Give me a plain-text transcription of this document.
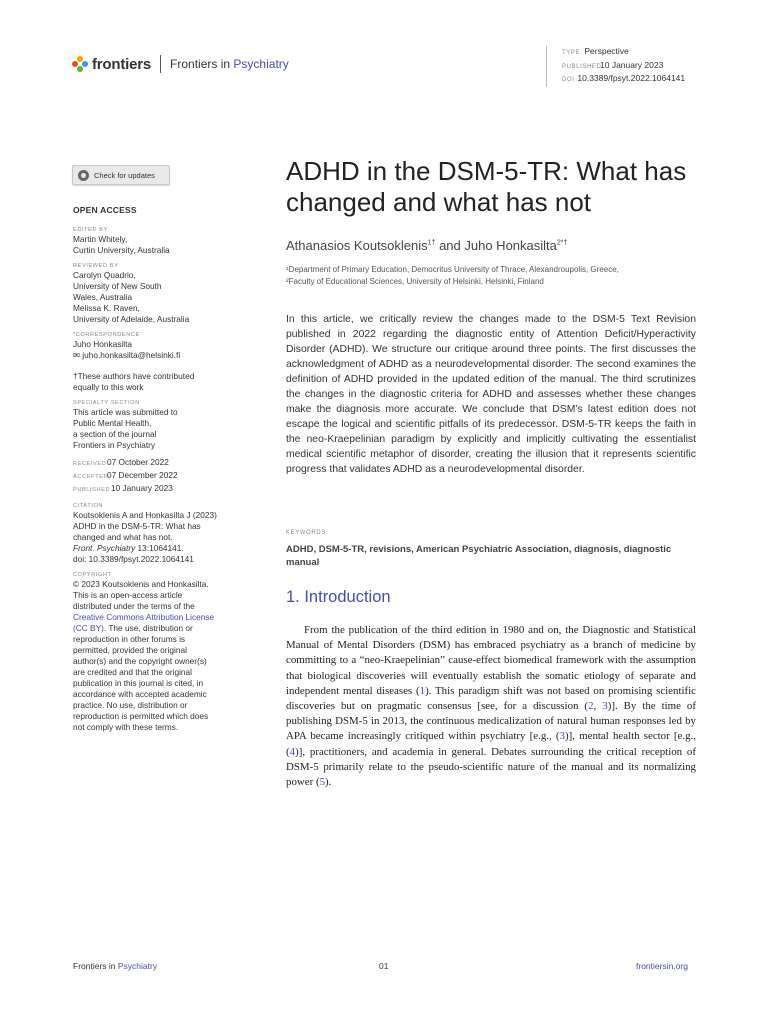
frontiers Frontiers in Psychiatry
TYPE Perspective
PUBLISHED10 January 2023
DOI 10.3389/fpsyt.2022.1064141
Check for updates
OPEN ACCESS
EDITED BY
Martin Whitely,
Curtin University, Australia
REVIEWED BY
Carolyn Quadrio,
University of New South
Wales, Australia
Melissa K. Raven,
University of Adelaide, Australia
*CORRESPONDENCE
Juho Honkasilta
✉ juho.honkasilta@helsinki.fi
†These authors have contributed
equally to this work
SPECIALTY SECTION
This article was submitted to
Public Mental Health,
a section of the journal
Frontiers in Psychiatry
RECEIVED07 October 2022
ACCEPTED07 December 2022
PUBLISHED10 January 2023
CITATION
Koutsoklenis A and Honkasilta J (2023)
ADHD in the DSM-5-TR: What has
changed and what has not.
Front. Psychiatry 13:1064141.
doi: 10.3389/fpsyt.2022.1064141
COPYRIGHT
© 2023 Koutsoklenis and Honkasilta.
This is an open-access article
distributed under the terms of the
Creative Commons Attribution License
(CC BY). The use, distribution or
reproduction in other forums is
permitted, provided the original
author(s) and the copyright owner(s)
are credited and that the original
publication in this journal is cited, in
accordance with accepted academic
practice. No use, distribution or
reproduction is permitted which does
not comply with these terms.
ADHD in the DSM-5-TR: What has changed and what has not
Athanasios Koutsoklenis$^{1\dagger}$ and Juho Honkasilta$^{2*\dagger}$
¹Department of Primary Education, Democritus University of Thrace, Alexandroupolis, Greece,
²Faculty of Educational Sciences, University of Helsinki, Helsinki, Finland

In this article, we critically review the changes made to the DSM-5 Text Revision published in 2022 regarding the diagnostic entity of Attention Deficit/Hyperactivity Disorder (ADHD). We structure our critique around three points. The first discusses the acknowledgment of ADHD as a neurodevelopmental disorder. The second examines the definition of ADHD provided in the updated edition of the manual. The third scrutinizes the changes in the diagnostic criteria for ADHD and assesses whether these changes make the diagnosis more accurate. We conclude that DSM’s latest edition does not escape the logical and scientific pitfalls of its predecessor. DSM-5-TR keeps the faith in the neo-Kraepelinian paradigm by explicitly and implicitly cultivating the essentialist medical scientific metaphor of disorder, creating the illusion that it represents scientific progress that validates ADHD as a neurodevelopmental disorder.

KEYWORDS
ADHD, DSM-5-TR, revisions, American Psychiatric Association, diagnosis, diagnostic manual
1. Introduction

From the publication of the third edition in 1980 and on, the Diagnostic and Statistical Manual of Mental Disorders (DSM) has embraced psychiatry as a branch of medicine by committing to a “neo-Kraepelinian” cause-effect biomedical framework with the assumption that biological discoveries will eventually establish the somatic etiology of separate and independent mental diseases (1). This paradigm shift was not based on promising scientific discoveries but on pragmatic consensus [see, for a discussion (2, 3)]. By the time of publishing DSM-5 in 2013, the continuous medicalization of natural human responses led by APA became increasingly critiqued within psychiatry [e.g., (3)], mental health sector [e.g., (4)], practitioners, and academia in general. Debates surrounding the critical reception of DSM-5 primarily relate to the pseudo-scientific nature of the manual and its normalizing power (5).

Frontiers in Psychiatry	01	frontiersin.org
